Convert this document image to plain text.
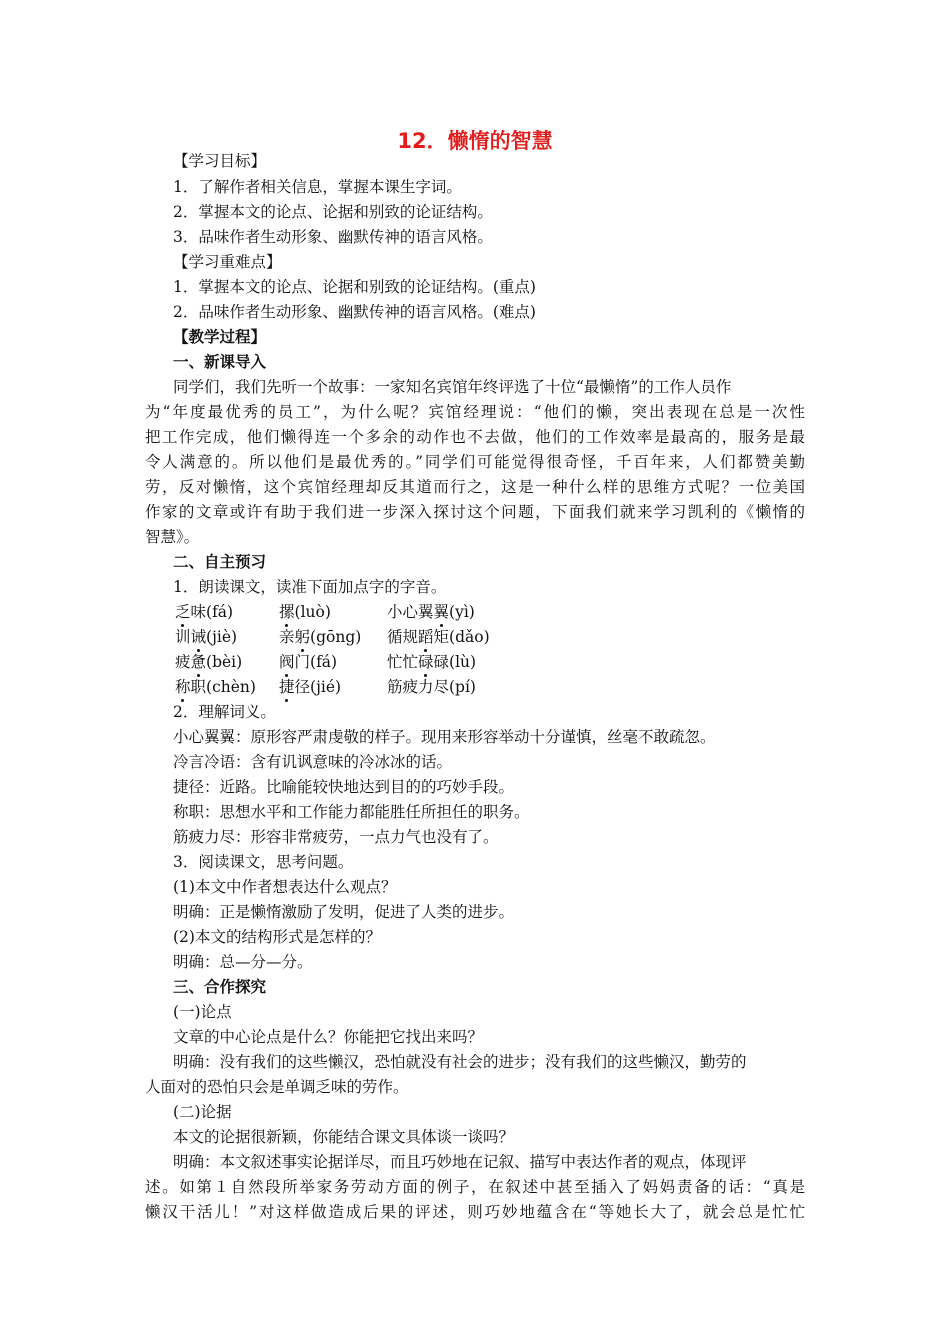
12．懒惰的智慧
【学习目标】
1．了解作者相关信息，掌握本课生字词。
2．掌握本文的论点、论据和别致的论证结构。
3．品味作者生动形象、幽默传神的语言风格。
【学习重难点】
1．掌握本文的论点、论据和别致的论证结构。(重点)
2．品味作者生动形象、幽默传神的语言风格。(难点)
【教学过程】
一、新课导入
同学们，我们先听一个故事：一家知名宾馆年终评选了十位“最懒惰”的工作人员作
为“年度最优秀的员工”，为什么呢？宾馆经理说：“他们的懒，突出表现在总是一次性
把工作完成，他们懒得连一个多余的动作也不去做，他们的工作效率是最高的，服务是最
令人满意的。所以他们是最优秀的。”同学们可能觉得很奇怪，千百年来，人们都赞美勤
劳，反对懒惰，这个宾馆经理却反其道而行之，这是一种什么样的思维方式呢？一位美国
作家的文章或许有助于我们进一步深入探讨这个问题，下面我们就来学习凯利的《懒惰的
智慧》。
二、自主预习
1．朗读课文，读准下面加点字的字音。
乏味(fá)	摞(luò)	小心翼翼(yì)
训诫(jiè)	亲躬(gōng) 循规蹈矩(dǎo)
疲惫(bèi) 阀门(fá)	忙忙碌碌(lù)
称职(chèn) 捷径(jié)	筋疲力尽(pí)
2．理解词义。
小心翼翼：原形容严肃虔敬的样子。现用来形容举动十分谨慎，丝毫不敢疏忽。
冷言冷语：含有讥讽意味的冷冰冰的话。
捷径：近路。比喻能较快地达到目的的巧妙手段。
称职：思想水平和工作能力都能胜任所担任的职务。
筋疲力尽：形容非常疲劳，一点力气也没有了。
3．阅读课文，思考问题。
(1)本文中作者想表达什么观点？
明确：正是懒惰激励了发明，促进了人类的进步。
(2)本文的结构形式是怎样的？
明确：总—分—分。
三、合作探究
(一)论点
文章的中心论点是什么？你能把它找出来吗？
明确：没有我们的这些懒汉，恐怕就没有社会的进步；没有我们的这些懒汉，勤劳的
人面对的恐怕只会是单调乏味的劳作。
(二)论据
本文的论据很新颖，你能结合课文具体谈一谈吗？
明确：本文叙述事实论据详尽，而且巧妙地在记叙、描写中表达作者的观点，体现评
述。如第１自然段所举家务劳动方面的例子，在叙述中甚至插入了妈妈责备的话：“真是
懒汉干活儿！”对这样做造成后果的评述，则巧妙地蕴含在“等她长大了，就会总是忙忙
